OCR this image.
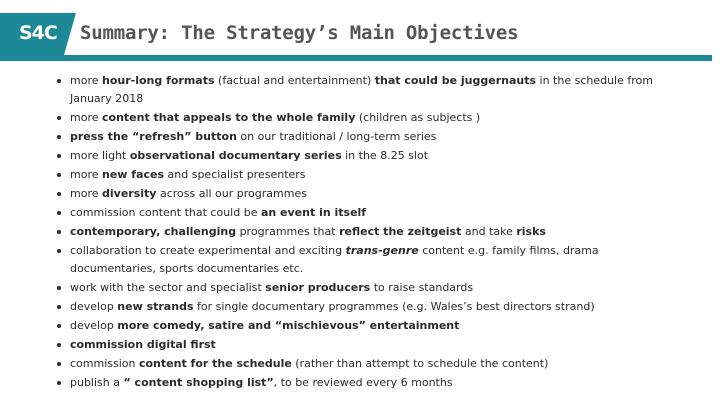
S4C Summary: The Strategy’s Main Objectives
more hour-long formats (factual and entertainment) that could be juggernauts in the schedule from January 2018
more content that appeals to the whole family (children as subjects )
press the “refresh” button on our traditional / long-term series
more light observational documentary series in the 8.25 slot
more new faces and specialist presenters
more diversity across all our programmes
commission content that could be an event in itself
contemporary, challenging programmes that reflect the zeitgeist and take risks
collaboration to create experimental and exciting trans-genre content e.g. family films, drama documentaries, sports documentaries etc.
work with the sector and specialist senior producers to raise standards
develop new strands for single documentary programmes (e.g. Wales’s best directors strand)
develop more comedy, satire and “mischievous” entertainment
commission digital first
commission content for the schedule (rather than attempt to schedule the content)
publish a “ content shopping list”, to be reviewed every 6 months
